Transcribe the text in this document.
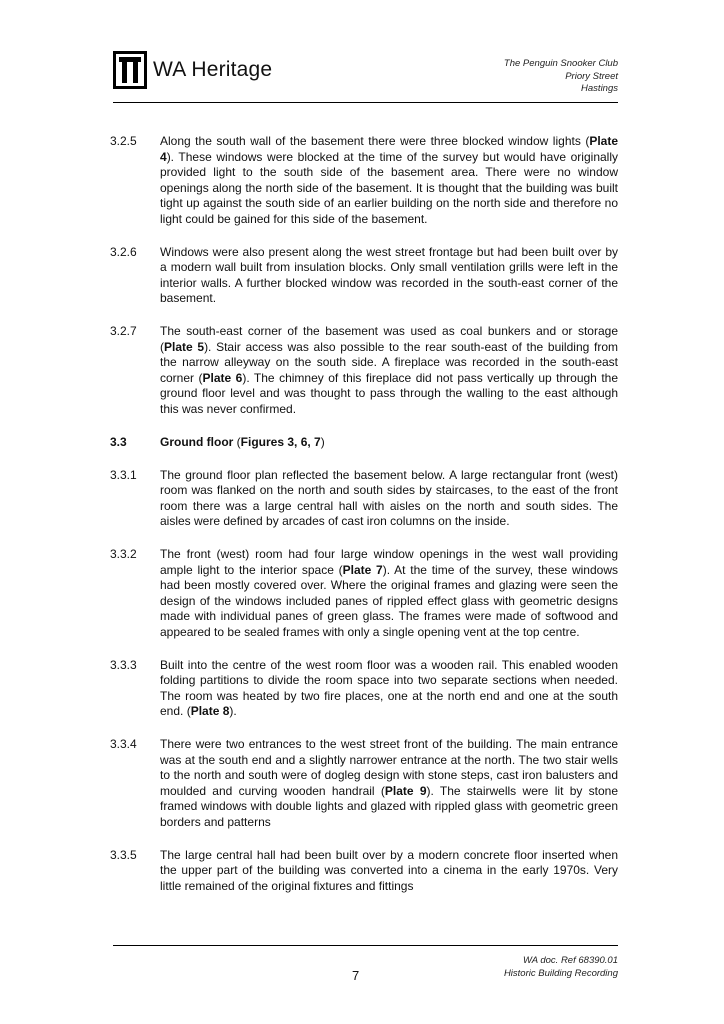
WA Heritage	The Penguin Snooker Club
Priory Street
Hastings
3.2.5	Along the south wall of the basement there were three blocked window lights (Plate 4). These windows were blocked at the time of the survey but would have originally provided light to the south side of the basement area. There were no window openings along the north side of the basement. It is thought that the building was built tight up against the south side of an earlier building on the north side and therefore no light could be gained for this side of the basement.
3.2.6	Windows were also present along the west street frontage but had been built over by a modern wall built from insulation blocks. Only small ventilation grills were left in the interior walls. A further blocked window was recorded in the south-east corner of the basement.
3.2.7	The south-east corner of the basement was used as coal bunkers and or storage (Plate 5). Stair access was also possible to the rear south-east of the building from the narrow alleyway on the south side. A fireplace was recorded in the south-east corner (Plate 6). The chimney of this fireplace did not pass vertically up through the ground floor level and was thought to pass through the walling to the east although this was never confirmed.
3.3	Ground floor (Figures 3, 6, 7)
3.3.1	The ground floor plan reflected the basement below. A large rectangular front (west) room was flanked on the north and south sides by staircases, to the east of the front room there was a large central hall with aisles on the north and south sides. The aisles were defined by arcades of cast iron columns on the inside.
3.3.2	The front (west) room had four large window openings in the west wall providing ample light to the interior space (Plate 7). At the time of the survey, these windows had been mostly covered over. Where the original frames and glazing were seen the design of the windows included panes of rippled effect glass with geometric designs made with individual panes of green glass. The frames were made of softwood and appeared to be sealed frames with only a single opening vent at the top centre.
3.3.3	Built into the centre of the west room floor was a wooden rail. This enabled wooden folding partitions to divide the room space into two separate sections when needed. The room was heated by two fire places, one at the north end and one at the south end. (Plate 8).
3.3.4	There were two entrances to the west street front of the building. The main entrance was at the south end and a slightly narrower entrance at the north. The two stair wells to the north and south were of dogleg design with stone steps, cast iron balusters and moulded and curving wooden handrail (Plate 9). The stairwells were lit by stone framed windows with double lights and glazed with rippled glass with geometric green borders and patterns
3.3.5	The large central hall had been built over by a modern concrete floor inserted when the upper part of the building was converted into a cinema in the early 1970s. Very little remained of the original fixtures and fittings
WA doc. Ref 68390.01
Historic Building Recording
7
